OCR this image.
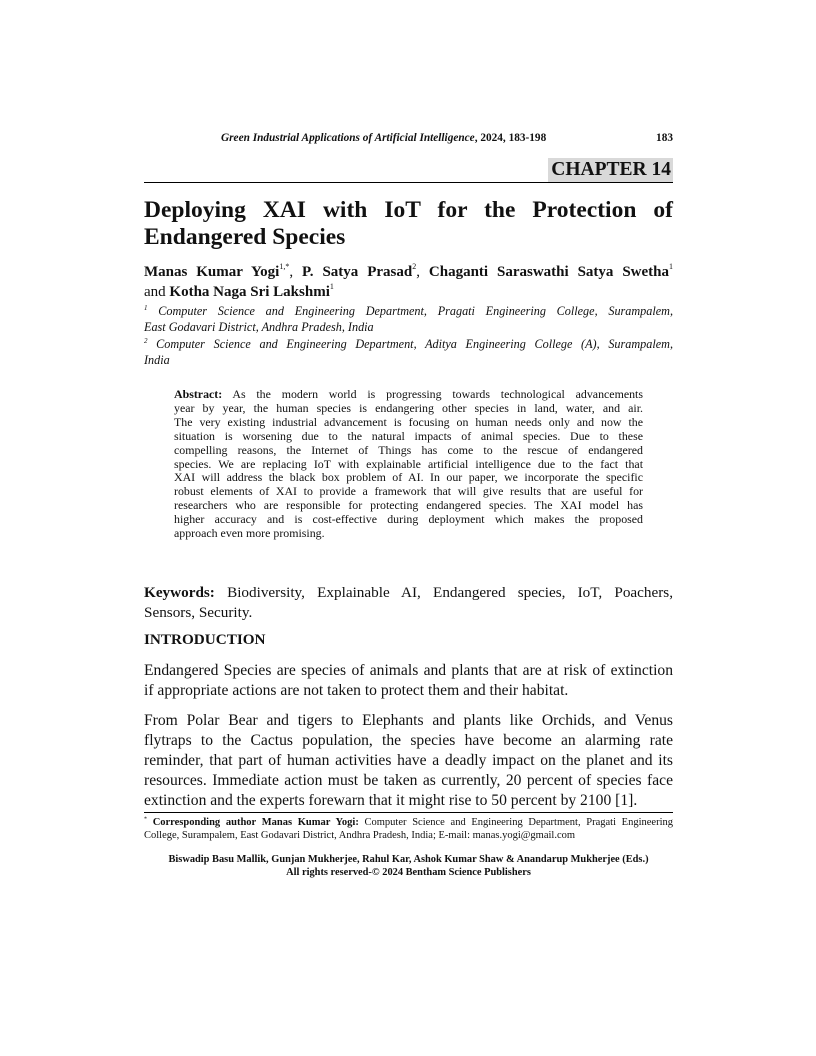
Green Industrial Applications of Artificial Intelligence, 2024, 183-198	183
CHAPTER 14
Deploying XAI with IoT for the Protection of
Endangered Species
Manas Kumar Yogi$^{1,*}$, P. Satya Prasad$^2$, Chaganti Saraswathi Satya Swetha$^1$
and Kotha Naga Sri Lakshmi$^1$
$^1$ Computer Science and Engineering Department, Pragati Engineering College, Surampalem,
East Godavari District, Andhra Pradesh, India
$^2$ Computer Science and Engineering Department, Aditya Engineering College (A), Surampalem,
India
Abstract: As the modern world is progressing towards technological advancements
year by year, the human species is endangering other species in land, water, and air.
The very existing industrial advancement is focusing on human needs only and now the
situation is worsening due to the natural impacts of animal species. Due to these
compelling reasons, the Internet of Things has come to the rescue of endangered
species. We are replacing IoT with explainable artificial intelligence due to the fact that
XAI will address the black box problem of AI. In our paper, we incorporate the specific
robust elements of XAI to provide a framework that will give results that are useful for
researchers who are responsible for protecting endangered species. The XAI model has
higher accuracy and is cost-effective during deployment which makes the proposed
approach even more promising.
Keywords: Biodiversity, Explainable AI, Endangered species, IoT, Poachers,
Sensors, Security.
INTRODUCTION
Endangered Species are species of animals and plants that are at risk of extinction
if appropriate actions are not taken to protect them and their habitat.
From Polar Bear and tigers to Elephants and plants like Orchids, and Venus
flytraps to the Cactus population, the species have become an alarming rate
reminder, that part of human activities have a deadly impact on the planet and its
resources. Immediate action must be taken as currently, 20 percent of species face
extinction and the experts forewarn that it might rise to 50 percent by 2100 [1].
* Corresponding author Manas Kumar Yogi: Computer Science and Engineering Department, Pragati Engineering
College, Surampalem, East Godavari District, Andhra Pradesh, India; E-mail: manas.yogi@gmail.com
Biswadip Basu Mallik, Gunjan Mukherjee, Rahul Kar, Ashok Kumar Shaw & Anandarup Mukherjee (Eds.)
All rights reserved-© 2024 Bentham Science Publishers
